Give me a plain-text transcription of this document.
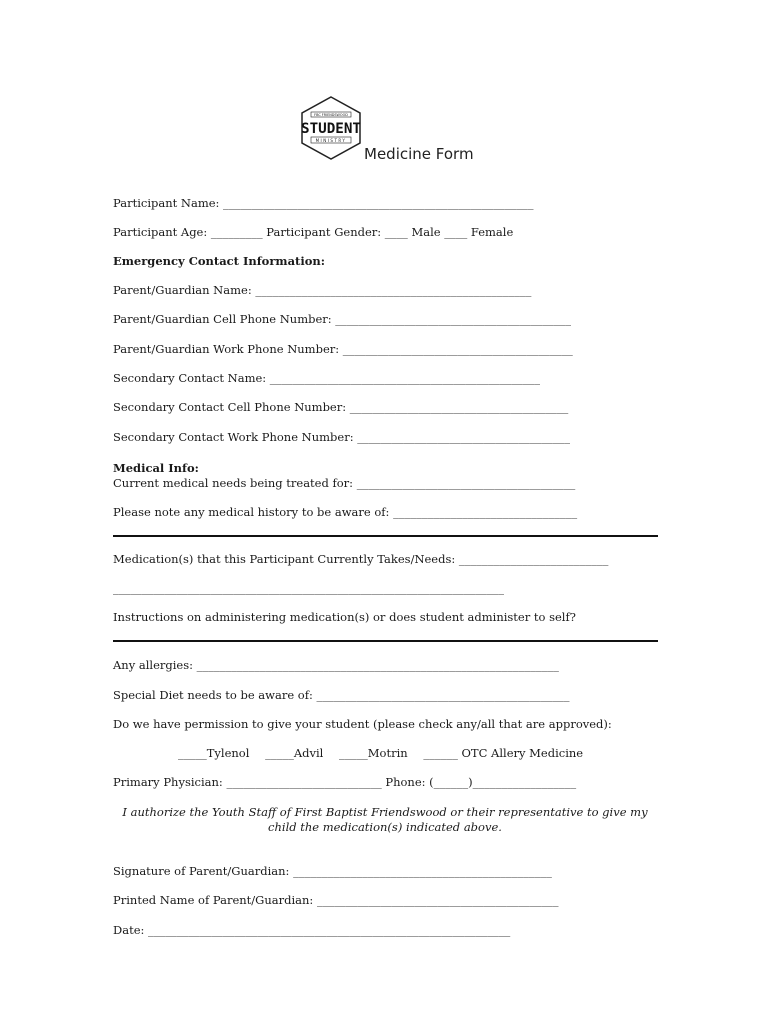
FBC FRIENDSWOOD
STUDENT
MINISTRY
Medicine Form
Participant Name: ______________________________________________________
Participant Age: _________ Participant Gender: ____ Male ____ Female
Emergency Contact Information:
Parent/Guardian Name: ________________________________________________
Parent/Guardian Cell Phone Number: _________________________________________
Parent/Guardian Work Phone Number: ________________________________________
Secondary Contact Name: _______________________________________________
Secondary Contact Cell Phone Number: ______________________________________
Secondary Contact Work Phone Number: _____________________________________
Medical Info:
Current medical needs being treated for: ______________________________________
Please note any medical history to be aware of: ________________________________
Medication(s) that this Participant Currently Takes/Needs: __________________________
____________________________________________________________________
Instructions on administering medication(s) or does student administer to self?
Any allergies: _______________________________________________________________
Special Diet needs to be aware of: ____________________________________________
Do we have permission to give your student (please check any/all that are approved):
_____Tylenol _____Advil _____Motrin ______ OTC Allery Medicine
Primary Physician: ___________________________ Phone: (______)__________________
I authorize the Youth Staff of First Baptist Friendswood or their representative to give my child the medication(s) indicated above.
Signature of Parent/Guardian: _____________________________________________
Printed Name of Parent/Guardian: __________________________________________
Date: _______________________________________________________________
